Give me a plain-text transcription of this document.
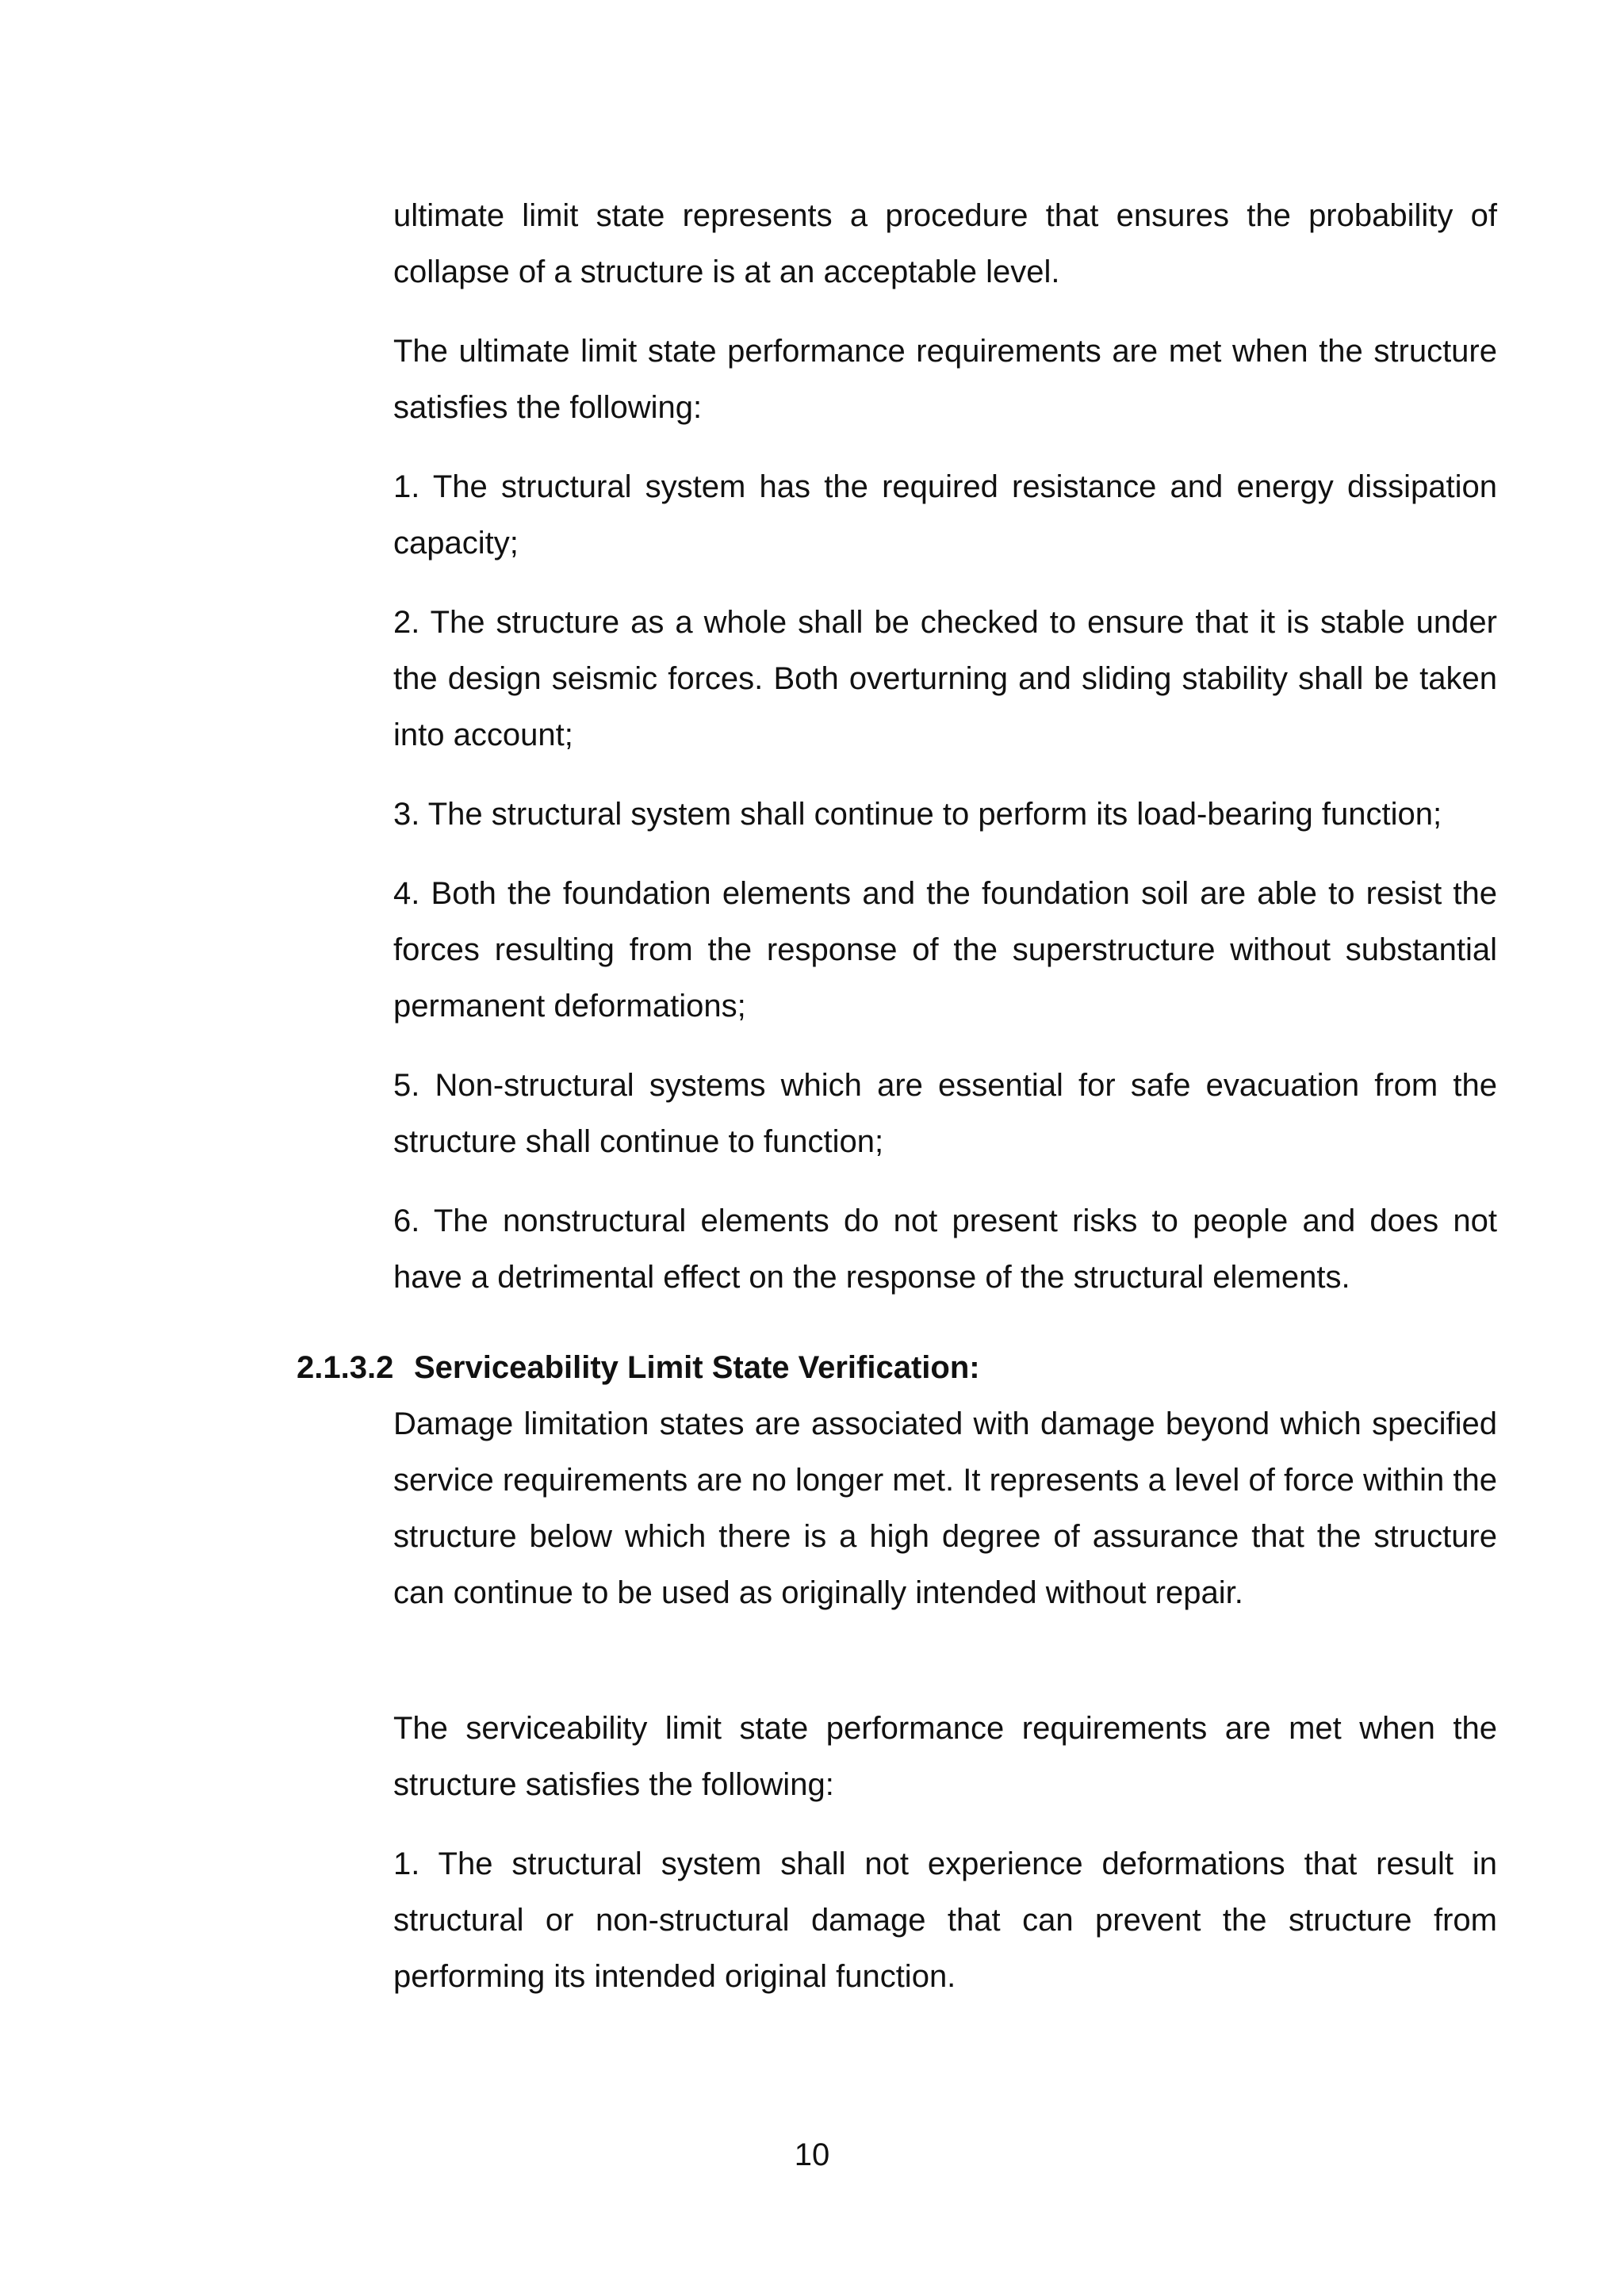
ultimate limit state represents a procedure that ensures the probability of collapse of a structure is at an acceptable level.

The ultimate limit state performance requirements are met when the structure satisfies the following:

1. The structural system has the required resistance and energy dissipation capacity;

2. The structure as a whole shall be checked to ensure that it is stable under the design seismic forces. Both overturning and sliding stability shall be taken into account;

3. The structural system shall continue to perform its load-bearing function;

4. Both the foundation elements and the foundation soil are able to resist the forces resulting from the response of the superstructure without substantial permanent deformations;

5. Non-structural systems which are essential for safe evacuation from the structure shall continue to function;

6. The nonstructural elements do not present risks to people and does not have a detrimental effect on the response of the structural elements.

2.1.3.2 Serviceability Limit State Verification:

Damage limitation states are associated with damage beyond which specified service requirements are no longer met. It represents a level of force within the structure below which there is a high degree of assurance that the structure can continue to be used as originally intended without repair.

The serviceability limit state performance requirements are met when the structure satisfies the following:

1. The structural system shall not experience deformations that result in structural or non-structural damage that can prevent the structure from performing its intended original function.

10
